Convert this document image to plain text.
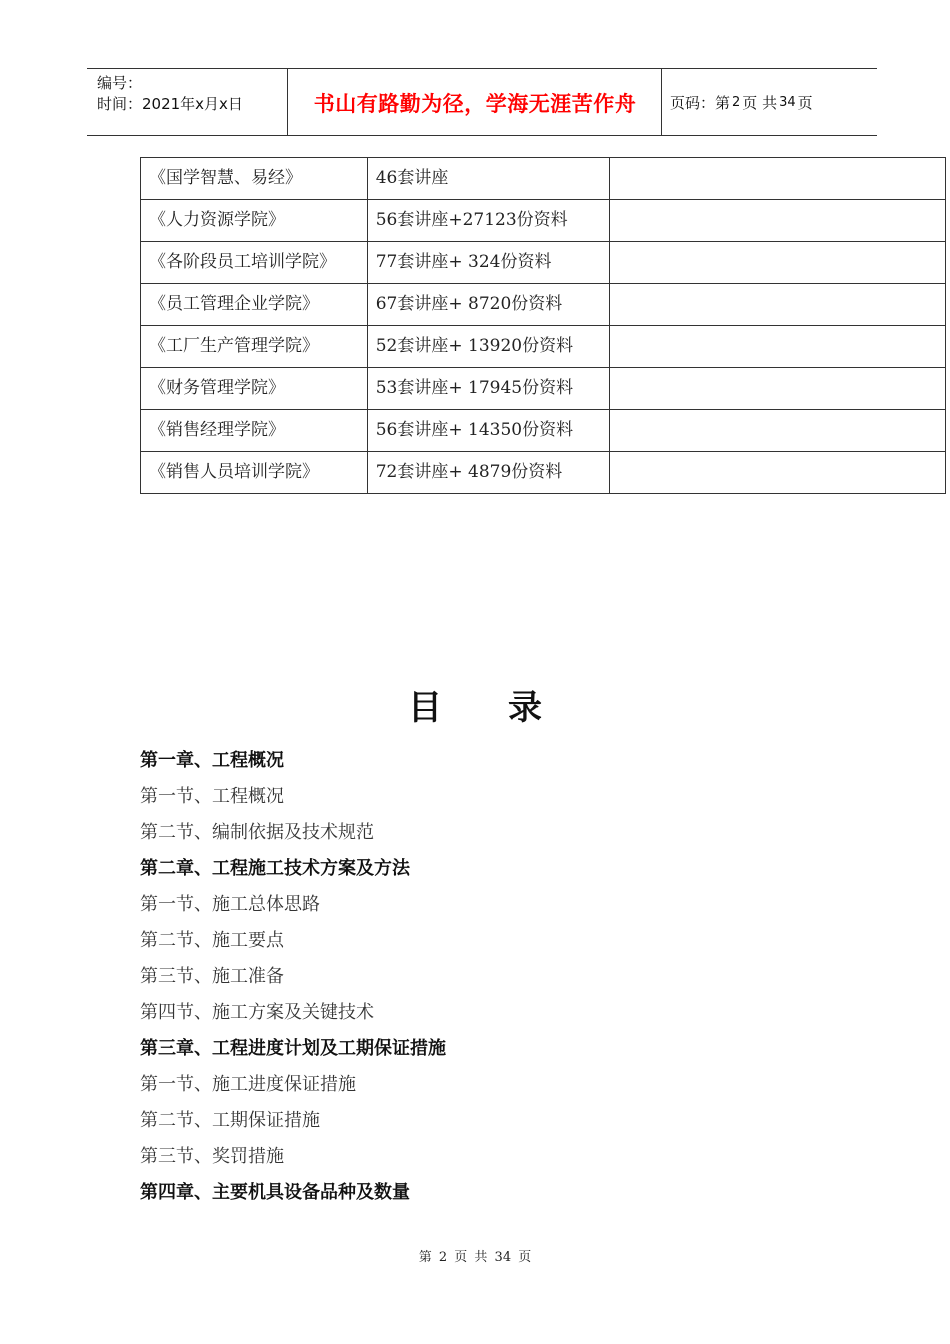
编号：
时间：2021年x月x日	书山有路勤为径，学海无涯苦作舟	页码：第 2 页 共 34 页
《国学智慧、易经》	46套讲座	
《人力资源学院》	56套讲座+27123份资料	
《各阶段员工培训学院》	77套讲座+ 324份资料	
《员工管理企业学院》	67套讲座+ 8720份资料	
《工厂生产管理学院》	52套讲座+ 13920份资料	
《财务管理学院》	53套讲座+ 17945份资料	
《销售经理学院》	56套讲座+ 14350份资料	
《销售人员培训学院》	72套讲座+ 4879份资料	
目录
第一章、工程概况
第一节、工程概况
第二节、编制依据及技术规范
第二章、工程施工技术方案及方法
第一节、施工总体思路
第二节、施工要点
第三节、施工准备
第四节、施工方案及关键技术
第三章、工程进度计划及工期保证措施
第一节、施工进度保证措施
第二节、工期保证措施
第三节、奖罚措施
第四章、主要机具设备品种及数量
第 2 页 共 34 页
